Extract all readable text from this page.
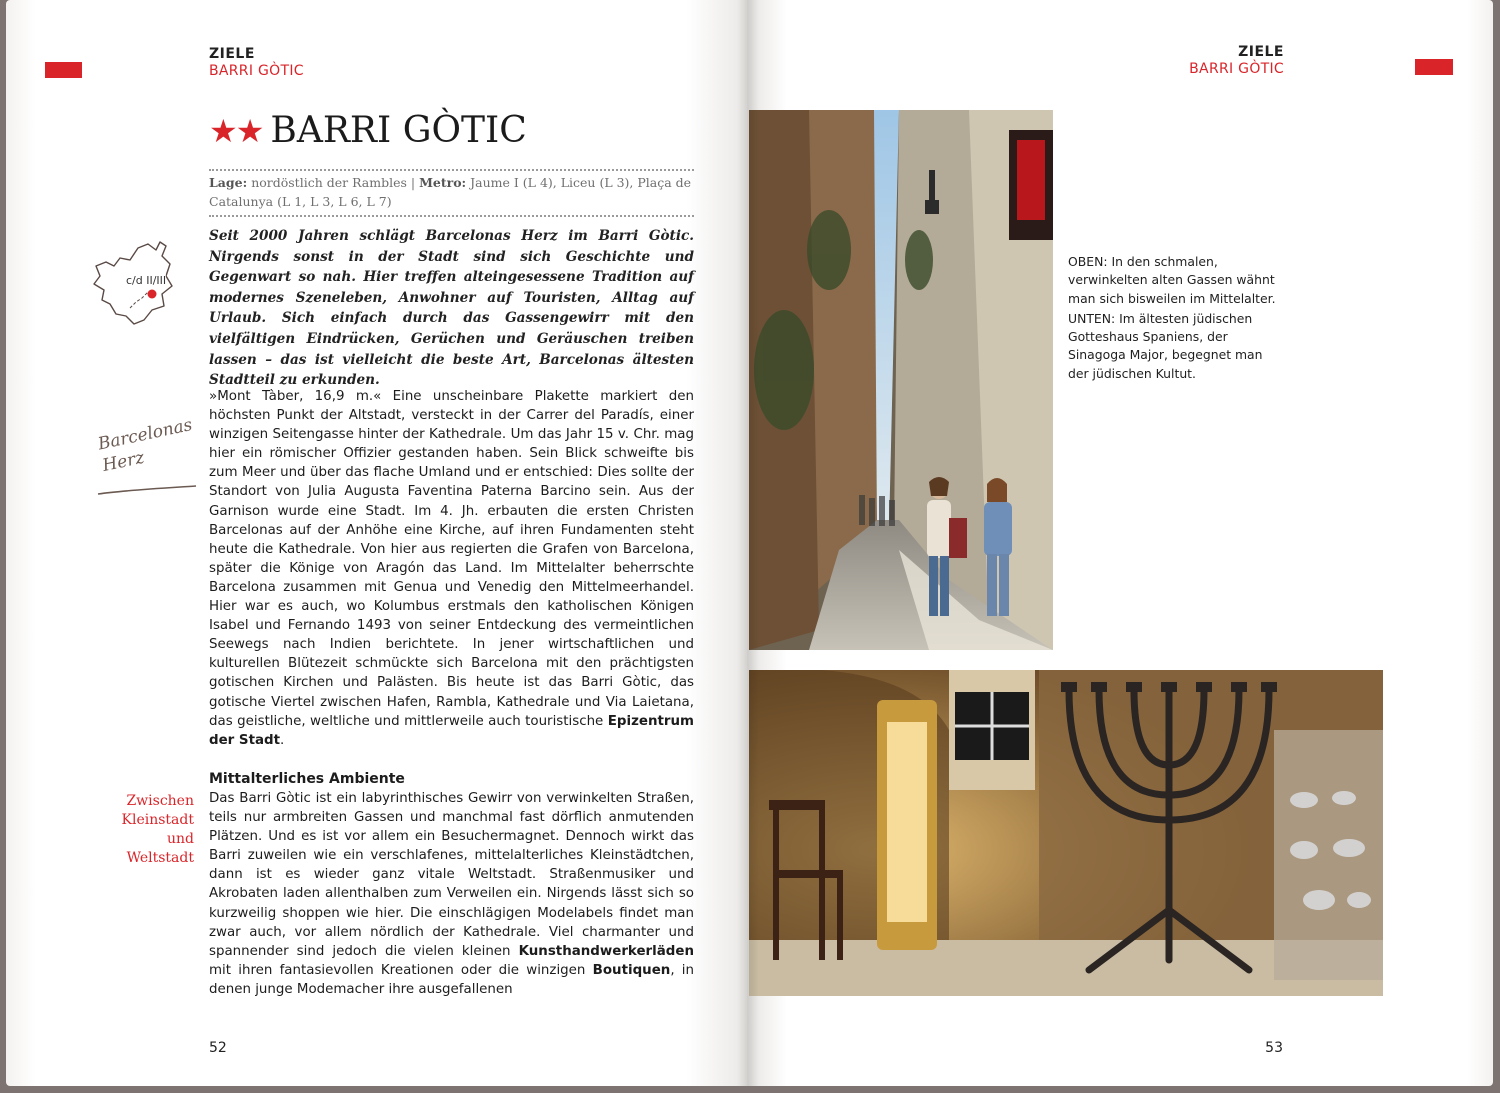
ZIELE
BARRI GÒTIC
★★ BARRI GÒTIC
Lage: nordöstlich der Rambles | Metro: Jaume I (L 4), Liceu (L 3), Plaça de Catalunya (L 1, L 3, L 6, L 7)
c/d II/III
Barcelonas Herz
Seit 2000 Jahren schlägt Barcelonas Herz im Barri Gòtic. Nirgends sonst in der Stadt sind sich Geschichte und Gegenwart so nah. Hier treffen alteingesessene Tradition auf modernes Szeneleben, Anwohner auf Touristen, Alltag auf Urlaub. Sich einfach durch das Gassengewirr mit den vielfältigen Eindrücken, Gerüchen und Geräuschen treiben lassen – das ist vielleicht die beste Art, Barcelonas ältesten Stadtteil zu erkunden.
»Mont Tàber, 16,9 m.« Eine unscheinbare Plakette markiert den höchsten Punkt der Altstadt, versteckt in der Carrer del Paradís, einer winzigen Seitengasse hinter der Kathedrale. Um das Jahr 15 v. Chr. mag hier ein römischer Offizier gestanden haben. Sein Blick schweifte bis zum Meer und über das flache Umland und er entschied: Dies sollte der Standort von Julia Augusta Faventina Paterna Barcino sein. Aus der Garnison wurde eine Stadt. Im 4. Jh. erbauten die ersten Christen Barcelonas auf der Anhöhe eine Kirche, auf ihren Fundamenten steht heute die Kathedrale. Von hier aus regierten die Grafen von Barcelona, später die Könige von Aragón das Land. Im Mittelalter beherrschte Barcelona zusammen mit Genua und Venedig den Mittelmeerhandel. Hier war es auch, wo Kolumbus erstmals den katholischen Königen Isabel und Fernando 1493 von seiner Entdeckung des vermeintlichen Seewegs nach Indien berichtete. In jener wirtschaftlichen und kulturellen Blütezeit schmückte sich Barcelona mit den prächtigsten gotischen Kirchen und Palästen. Bis heute ist das Barri Gòtic, das gotische Viertel zwischen Hafen, Rambla, Kathedrale und Via Laietana, das geistliche, weltliche und mittlerweile auch touristische Epizentrum der Stadt.
Mittalterliches Ambiente
Zwischen Kleinstadt und Weltstadt
Das Barri Gòtic ist ein labyrinthisches Gewirr von verwinkelten Straßen, teils nur armbreiten Gassen und manchmal fast dörflich anmutenden Plätzen. Und es ist vor allem ein Besuchermagnet. Dennoch wirkt das Barri zuweilen wie ein verschlafenes, mittelalterliches Kleinstädtchen, dann ist es wieder ganz vitale Weltstadt. Straßenmusiker und Akrobaten laden allenthalben zum Verweilen ein. Nirgends lässt sich so kurzweilig shoppen wie hier. Die einschlägigen Modelabels findet man zwar auch, vor allem nördlich der Kathedrale. Viel charmanter und spannender sind jedoch die vielen kleinen Kunsthandwerkerläden mit ihren fantasievollen Kreationen oder die winzigen Boutiquen, in denen junge Modemacher ihre ausgefallenen
52
ZIELE
BARRI GÒTIC

OBEN: In den schmalen, verwinkelten alten Gassen wähnt man sich bisweilen im Mittelalter.

UNTEN: Im ältesten jüdischen Gotteshaus Spaniens, der Sinagoga Major, begegnet man der jüdischen Kultut.

53
